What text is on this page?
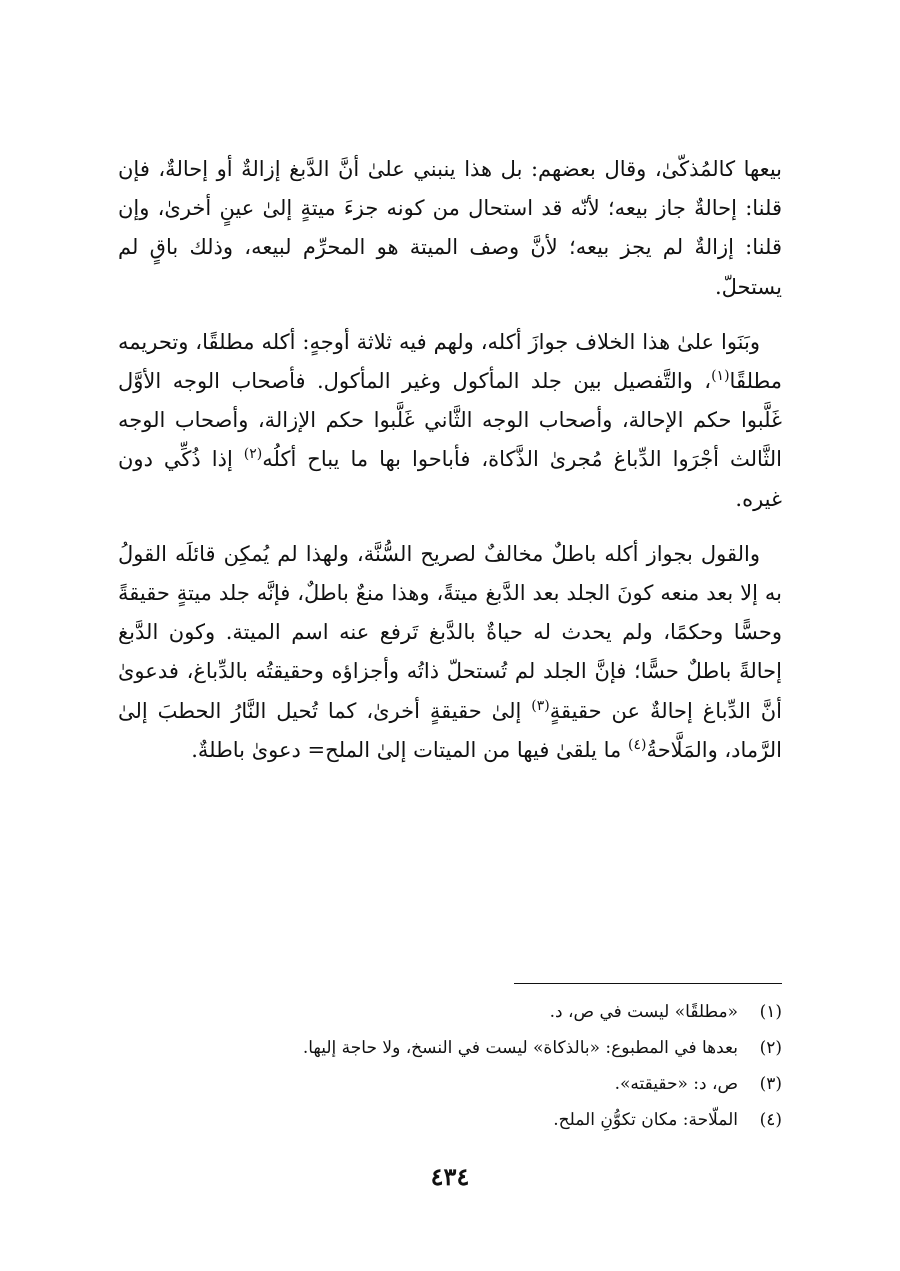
بيعها كالمُذكّىٰ، وقال بعضهم: بل هذا ينبني علىٰ أنَّ الدَّبغ إزالةٌ أو إحالةٌ، فإن قلنا: إحالةٌ جاز بيعه؛ لأنّه قد استحال من كونه جزءَ ميتةٍ إلىٰ عينٍ أخرىٰ، وإن قلنا: إزالةٌ لم يجز بيعه؛ لأنَّ وصف الميتة هو المحرِّم لبيعه، وذلك باقٍ لم يستحلّ.

وبَنَوا علىٰ هذا الخلاف جوازَ أكله، ولهم فيه ثلاثة أوجهٍ: أكله مطلقًا، وتحريمه مطلقًا$^{(١)}$، والتَّفصيل بين جلد المأكول وغير المأكول. فأصحاب الوجه الأوَّل غَلَّبوا حكم الإحالة، وأصحاب الوجه الثَّاني غَلَّبوا حكم الإزالة، وأصحاب الوجه الثَّالث أجْرَوا الدِّباغ مُجرىٰ الذَّكاة، فأباحوا بها ما يباح أكلُه$^{(٢)}$ إذا ذُكِّي دون غيره.

والقول بجواز أكله باطلٌ مخالفٌ لصريح السُّنَّة، ولهذا لم يُمكِن قائلَه القولُ به إلا بعد منعه كونَ الجلد بعد الدَّبغ ميتةً، وهذا منعٌ باطلٌ، فإنَّه جلد ميتةٍ حقيقةً وحسًّا وحكمًا، ولم يحدث له حياةٌ بالدَّبغ تَرفع عنه اسم الميتة. وكون الدَّبغ إحالةً باطلٌ حسًّا؛ فإنَّ الجلد لم تُستحلّ ذاتُه وأجزاؤه وحقيقتُه بالدِّباغ، فدعوىٰ أنَّ الدِّباغ إحالةٌ عن حقيقةٍ$^{(٣)}$ إلىٰ حقيقةٍ أخرىٰ، كما تُحيل النَّارُ الحطبَ إلىٰ الرَّماد، والمَلَّاحةُ$^{(٤)}$ ما يلقىٰ فيها من الميتات إلىٰ الملح= دعوىٰ باطلةٌ.

(١)«مطلقًا» ليست في ص، د.
(٢)بعدها في المطبوع: «بالذكاة» ليست في النسخ، ولا حاجة إليها.
(٣)ص، د: «حقيقته».
(٤)الملّاحة: مكان تكوُّنِ الملح.
٤٣٤
